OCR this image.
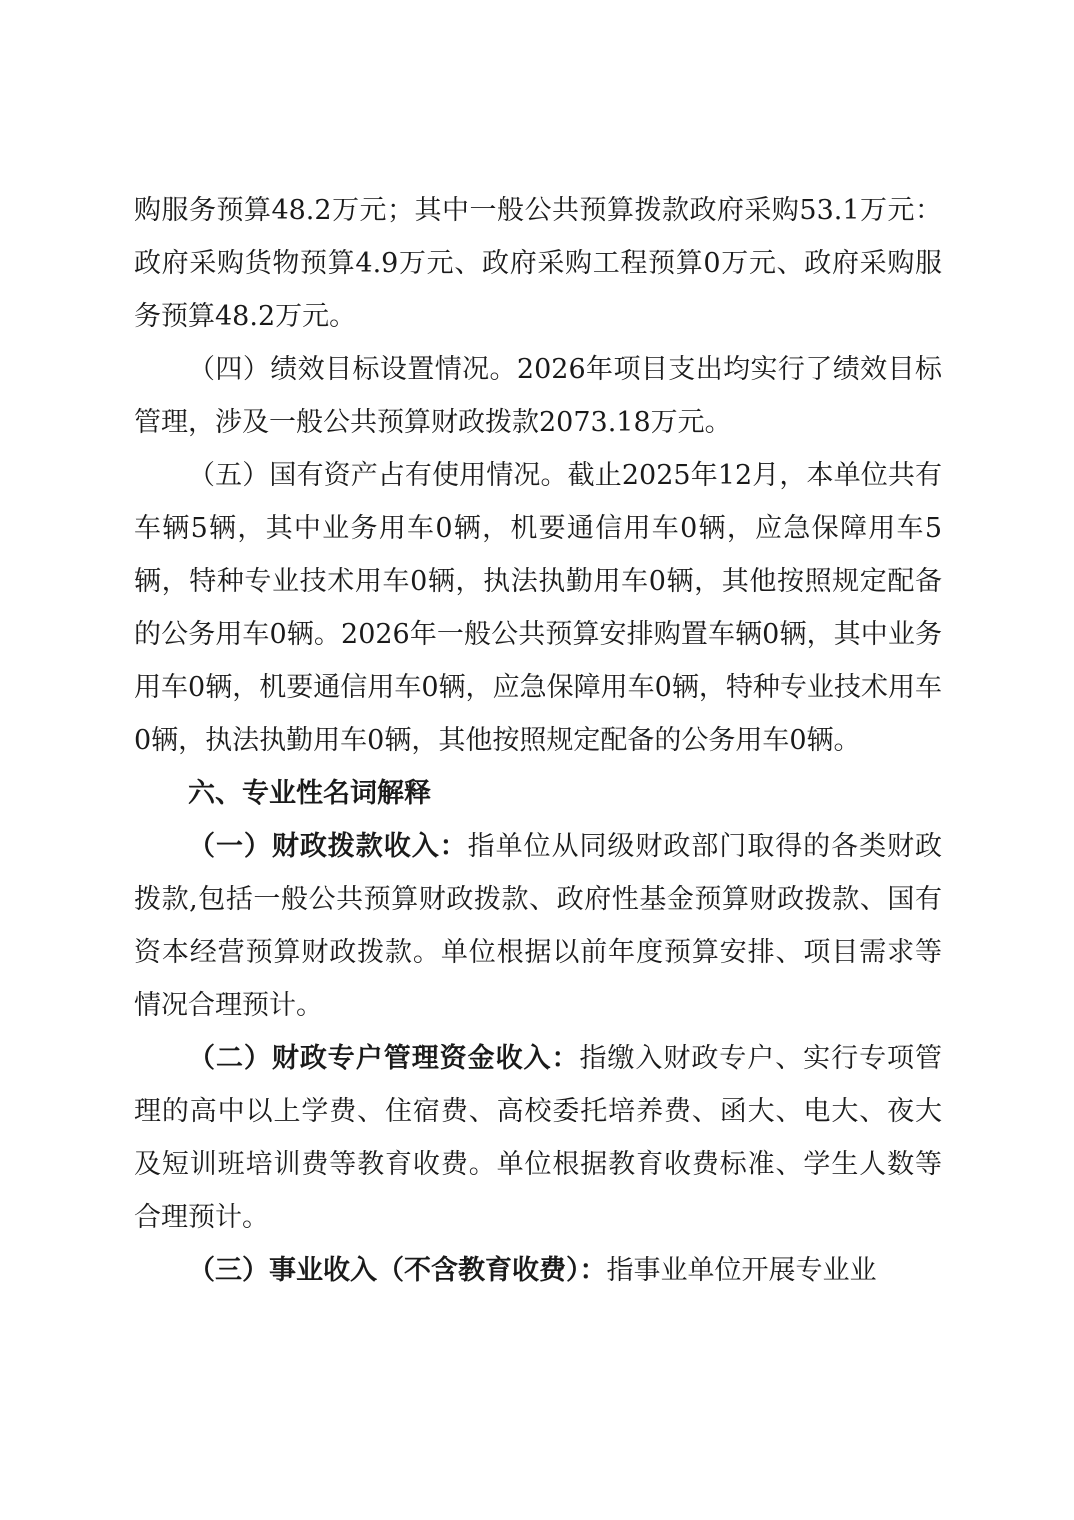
购服务预算48.2万元；其中一般公共预算拨款政府采购53.1万元：政府采购货物预算4.9万元、政府采购工程预算0万元、政府采购服务预算48.2万元。

（四）绩效目标设置情况。2026年项目支出均实行了绩效目标管理，涉及一般公共预算财政拨款2073.18万元。

（五）国有资产占有使用情况。截止2025年12月，本单位共有车辆5辆，其中业务用车0辆，机要通信用车0辆，应急保障用车5辆，特种专业技术用车0辆，执法执勤用车0辆，其他按照规定配备的公务用车0辆。2026年一般公共预算安排购置车辆0辆，其中业务用车0辆，机要通信用车0辆，应急保障用车0辆，特种专业技术用车0辆，执法执勤用车0辆，其他按照规定配备的公务用车0辆。

六、专业性名词解释

（一）财政拨款收入：指单位从同级财政部门取得的各类财政拨款,包括一般公共预算财政拨款、政府性基金预算财政拨款、国有资本经营预算财政拨款。单位根据以前年度预算安排、项目需求等情况合理预计。

（二）财政专户管理资金收入：指缴入财政专户、实行专项管理的高中以上学费、住宿费、高校委托培养费、函大、电大、夜大及短训班培训费等教育收费。单位根据教育收费标准、学生人数等合理预计。

（三）事业收入（不含教育收费）：指事业单位开展专业业
